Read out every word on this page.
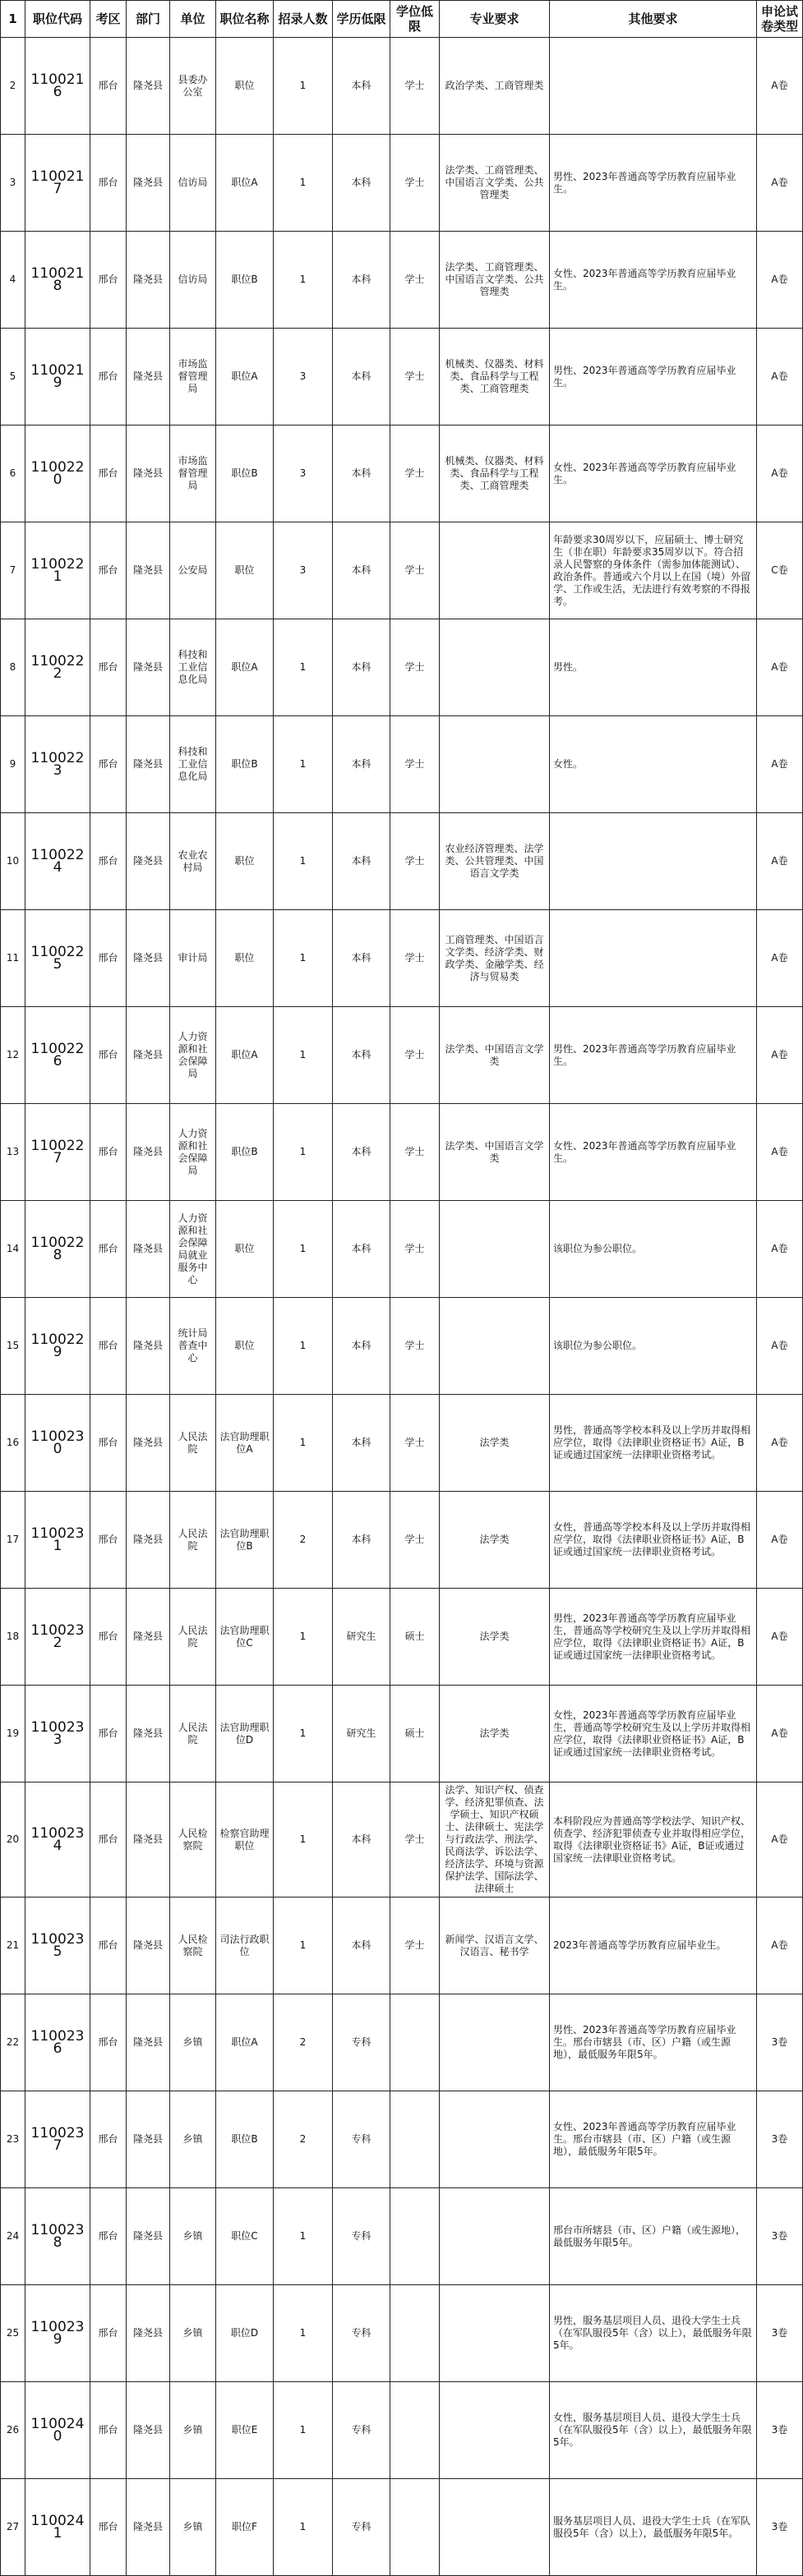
1	职位代码	考区	部门	单位	职位名称	招录人数	学历低限	学位低限	专业要求	其他要求	申论试卷类型
2	1100216	邢台	隆尧县	县委办公室	职位	1	本科	学士	政治学类、工商管理类		A卷
3	1100217	邢台	隆尧县	信访局	职位A	1	本科	学士	法学类、工商管理类、中国语言文学类、公共管理类	男性、2023年普通高等学历教育应届毕业生。	A卷
4	1100218	邢台	隆尧县	信访局	职位B	1	本科	学士	法学类、工商管理类、中国语言文学类、公共管理类	女性、2023年普通高等学历教育应届毕业生。	A卷
5	1100219	邢台	隆尧县	市场监督管理局	职位A	3	本科	学士	机械类、仪器类、材料类、食品科学与工程类、工商管理类	男性、2023年普通高等学历教育应届毕业生。	A卷
6	1100220	邢台	隆尧县	市场监督管理局	职位B	3	本科	学士	机械类、仪器类、材料类、食品科学与工程类、工商管理类	女性、2023年普通高等学历教育应届毕业生。	A卷
7	1100221	邢台	隆尧县	公安局	职位	3	本科	学士		年龄要求30周岁以下，应届硕士、博士研究生（非在职）年龄要求35周岁以下。符合招录人民警察的身体条件（需参加体能测试）、政治条件。普通或六个月以上在国（境）外留学、工作或生活，无法进行有效考察的不得报考。	C卷
8	1100222	邢台	隆尧县	科技和工业信息化局	职位A	1	本科	学士		男性。	A卷
9	1100223	邢台	隆尧县	科技和工业信息化局	职位B	1	本科	学士		女性。	A卷
10	1100224	邢台	隆尧县	农业农村局	职位	1	本科	学士	农业经济管理类、法学类、公共管理类、中国语言文学类		A卷
11	1100225	邢台	隆尧县	审计局	职位	1	本科	学士	工商管理类、中国语言文学类、经济学类、财政学类、金融学类、经济与贸易类		A卷
12	1100226	邢台	隆尧县	人力资源和社会保障局	职位A	1	本科	学士	法学类、中国语言文学类	男性、2023年普通高等学历教育应届毕业生。	A卷
13	1100227	邢台	隆尧县	人力资源和社会保障局	职位B	1	本科	学士	法学类、中国语言文学类	女性、2023年普通高等学历教育应届毕业生。	A卷
14	1100228	邢台	隆尧县	人力资源和社会保障局就业服务中心	职位	1	本科	学士		该职位为参公职位。	A卷
15	1100229	邢台	隆尧县	统计局普查中心	职位	1	本科	学士		该职位为参公职位。	A卷
16	1100230	邢台	隆尧县	人民法院	法官助理职位A	1	本科	学士	法学类	男性，普通高等学校本科及以上学历并取得相应学位，取得《法律职业资格证书》A证，B证或通过国家统一法律职业资格考试。	A卷
17	1100231	邢台	隆尧县	人民法院	法官助理职位B	2	本科	学士	法学类	女性，普通高等学校本科及以上学历并取得相应学位，取得《法律职业资格证书》A证，B证或通过国家统一法律职业资格考试。	A卷
18	1100232	邢台	隆尧县	人民法院	法官助理职位C	1	研究生	硕士	法学类	男性，2023年普通高等学历教育应届毕业生，普通高等学校研究生及以上学历并取得相应学位，取得《法律职业资格证书》A证，B证或通过国家统一法律职业资格考试。	A卷
19	1100233	邢台	隆尧县	人民法院	法官助理职位D	1	研究生	硕士	法学类	女性，2023年普通高等学历教育应届毕业生，普通高等学校研究生及以上学历并取得相应学位，取得《法律职业资格证书》A证，B证或通过国家统一法律职业资格考试。	A卷
20	1100234	邢台	隆尧县	人民检察院	检察官助理职位	1	本科	学士	法学、知识产权、侦查学、经济犯罪侦查、法学硕士、知识产权硕士、法律硕士、宪法学与行政法学、刑法学、民商法学、诉讼法学、经济法学、环境与资源保护法学、国际法学、法律硕士	本科阶段应为普通高等学校法学、知识产权、侦查学、经济犯罪侦查专业并取得相应学位，取得《法律职业资格证书》A证，B证或通过国家统一法律职业资格考试。	A卷
21	1100235	邢台	隆尧县	人民检察院	司法行政职位	1	本科	学士	新闻学、汉语言文学、汉语言、秘书学	2023年普通高等学历教育应届毕业生。	A卷
22	1100236	邢台	隆尧县	乡镇	职位A	2	专科			男性、2023年普通高等学历教育应届毕业生。邢台市辖县（市、区）户籍（或生源地），最低服务年限5年。	3卷
23	1100237	邢台	隆尧县	乡镇	职位B	2	专科			女性、2023年普通高等学历教育应届毕业生。邢台市辖县（市、区）户籍（或生源地），最低服务年限5年。	3卷
24	1100238	邢台	隆尧县	乡镇	职位C	1	专科			邢台市所辖县（市、区）户籍（或生源地），最低服务年限5年。	3卷
25	1100239	邢台	隆尧县	乡镇	职位D	1	专科			男性，服务基层项目人员、退役大学生士兵（在军队服役5年（含）以上），最低服务年限5年。	3卷
26	1100240	邢台	隆尧县	乡镇	职位E	1	专科			女性，服务基层项目人员、退役大学生士兵（在军队服役5年（含）以上），最低服务年限5年。	3卷
27	1100241	邢台	隆尧县	乡镇	职位F	1	专科			服务基层项目人员、退役大学生士兵（在军队服役5年（含）以上），最低服务年限5年。	3卷
